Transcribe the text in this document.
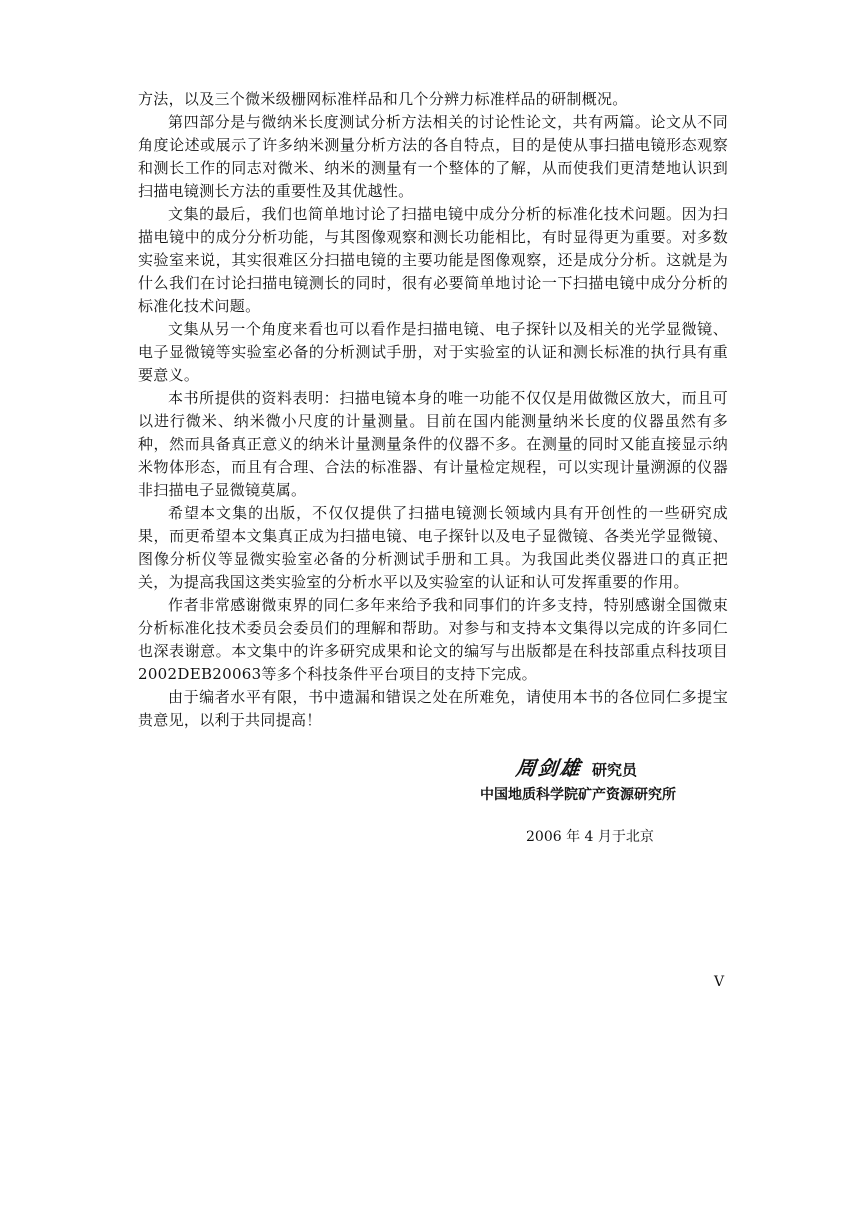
方法，以及三个微米级栅网标准样品和几个分辨力标准样品的研制概况。

第四部分是与微纳米长度测试分析方法相关的讨论性论文，共有两篇。论文从不同角度论述或展示了许多纳米测量分析方法的各自特点，目的是使从事扫描电镜形态观察和测长工作的同志对微米、纳米的测量有一个整体的了解，从而使我们更清楚地认识到扫描电镜测长方法的重要性及其优越性。

文集的最后，我们也简单地讨论了扫描电镜中成分分析的标准化技术问题。因为扫描电镜中的成分分析功能，与其图像观察和测长功能相比，有时显得更为重要。对多数实验室来说，其实很难区分扫描电镜的主要功能是图像观察，还是成分分析。这就是为什么我们在讨论扫描电镜测长的同时，很有必要简单地讨论一下扫描电镜中成分分析的标准化技术问题。

文集从另一个角度来看也可以看作是扫描电镜、电子探针以及相关的光学显微镜、电子显微镜等实验室必备的分析测试手册，对于实验室的认证和测长标准的执行具有重要意义。

本书所提供的资料表明：扫描电镜本身的唯一功能不仅仅是用做微区放大，而且可以进行微米、纳米微小尺度的计量测量。目前在国内能测量纳米长度的仪器虽然有多种，然而具备真正意义的纳米计量测量条件的仪器不多。在测量的同时又能直接显示纳米物体形态，而且有合理、合法的标准器、有计量检定规程，可以实现计量溯源的仪器非扫描电子显微镜莫属。

希望本文集的出版，不仅仅提供了扫描电镜测长领域内具有开创性的一些研究成果，而更希望本文集真正成为扫描电镜、电子探针以及电子显微镜、各类光学显微镜、图像分析仪等显微实验室必备的分析测试手册和工具。为我国此类仪器进口的真正把关，为提高我国这类实验室的分析水平以及实验室的认证和认可发挥重要的作用。

作者非常感谢微束界的同仁多年来给予我和同事们的许多支持，特别感谢全国微束分析标准化技术委员会委员们的理解和帮助。对参与和支持本文集得以完成的许多同仁也深表谢意。本文集中的许多研究成果和论文的编写与出版都是在科技部重点科技项目2002DEB20063等多个科技条件平台项目的支持下完成。

由于编者水平有限，书中遗漏和错误之处在所难免，请使用本书的各位同仁多提宝贵意见，以利于共同提高！

周剑雄 研究员
中国地质科学院矿产资源研究所
2006 年 4 月于北京
V
